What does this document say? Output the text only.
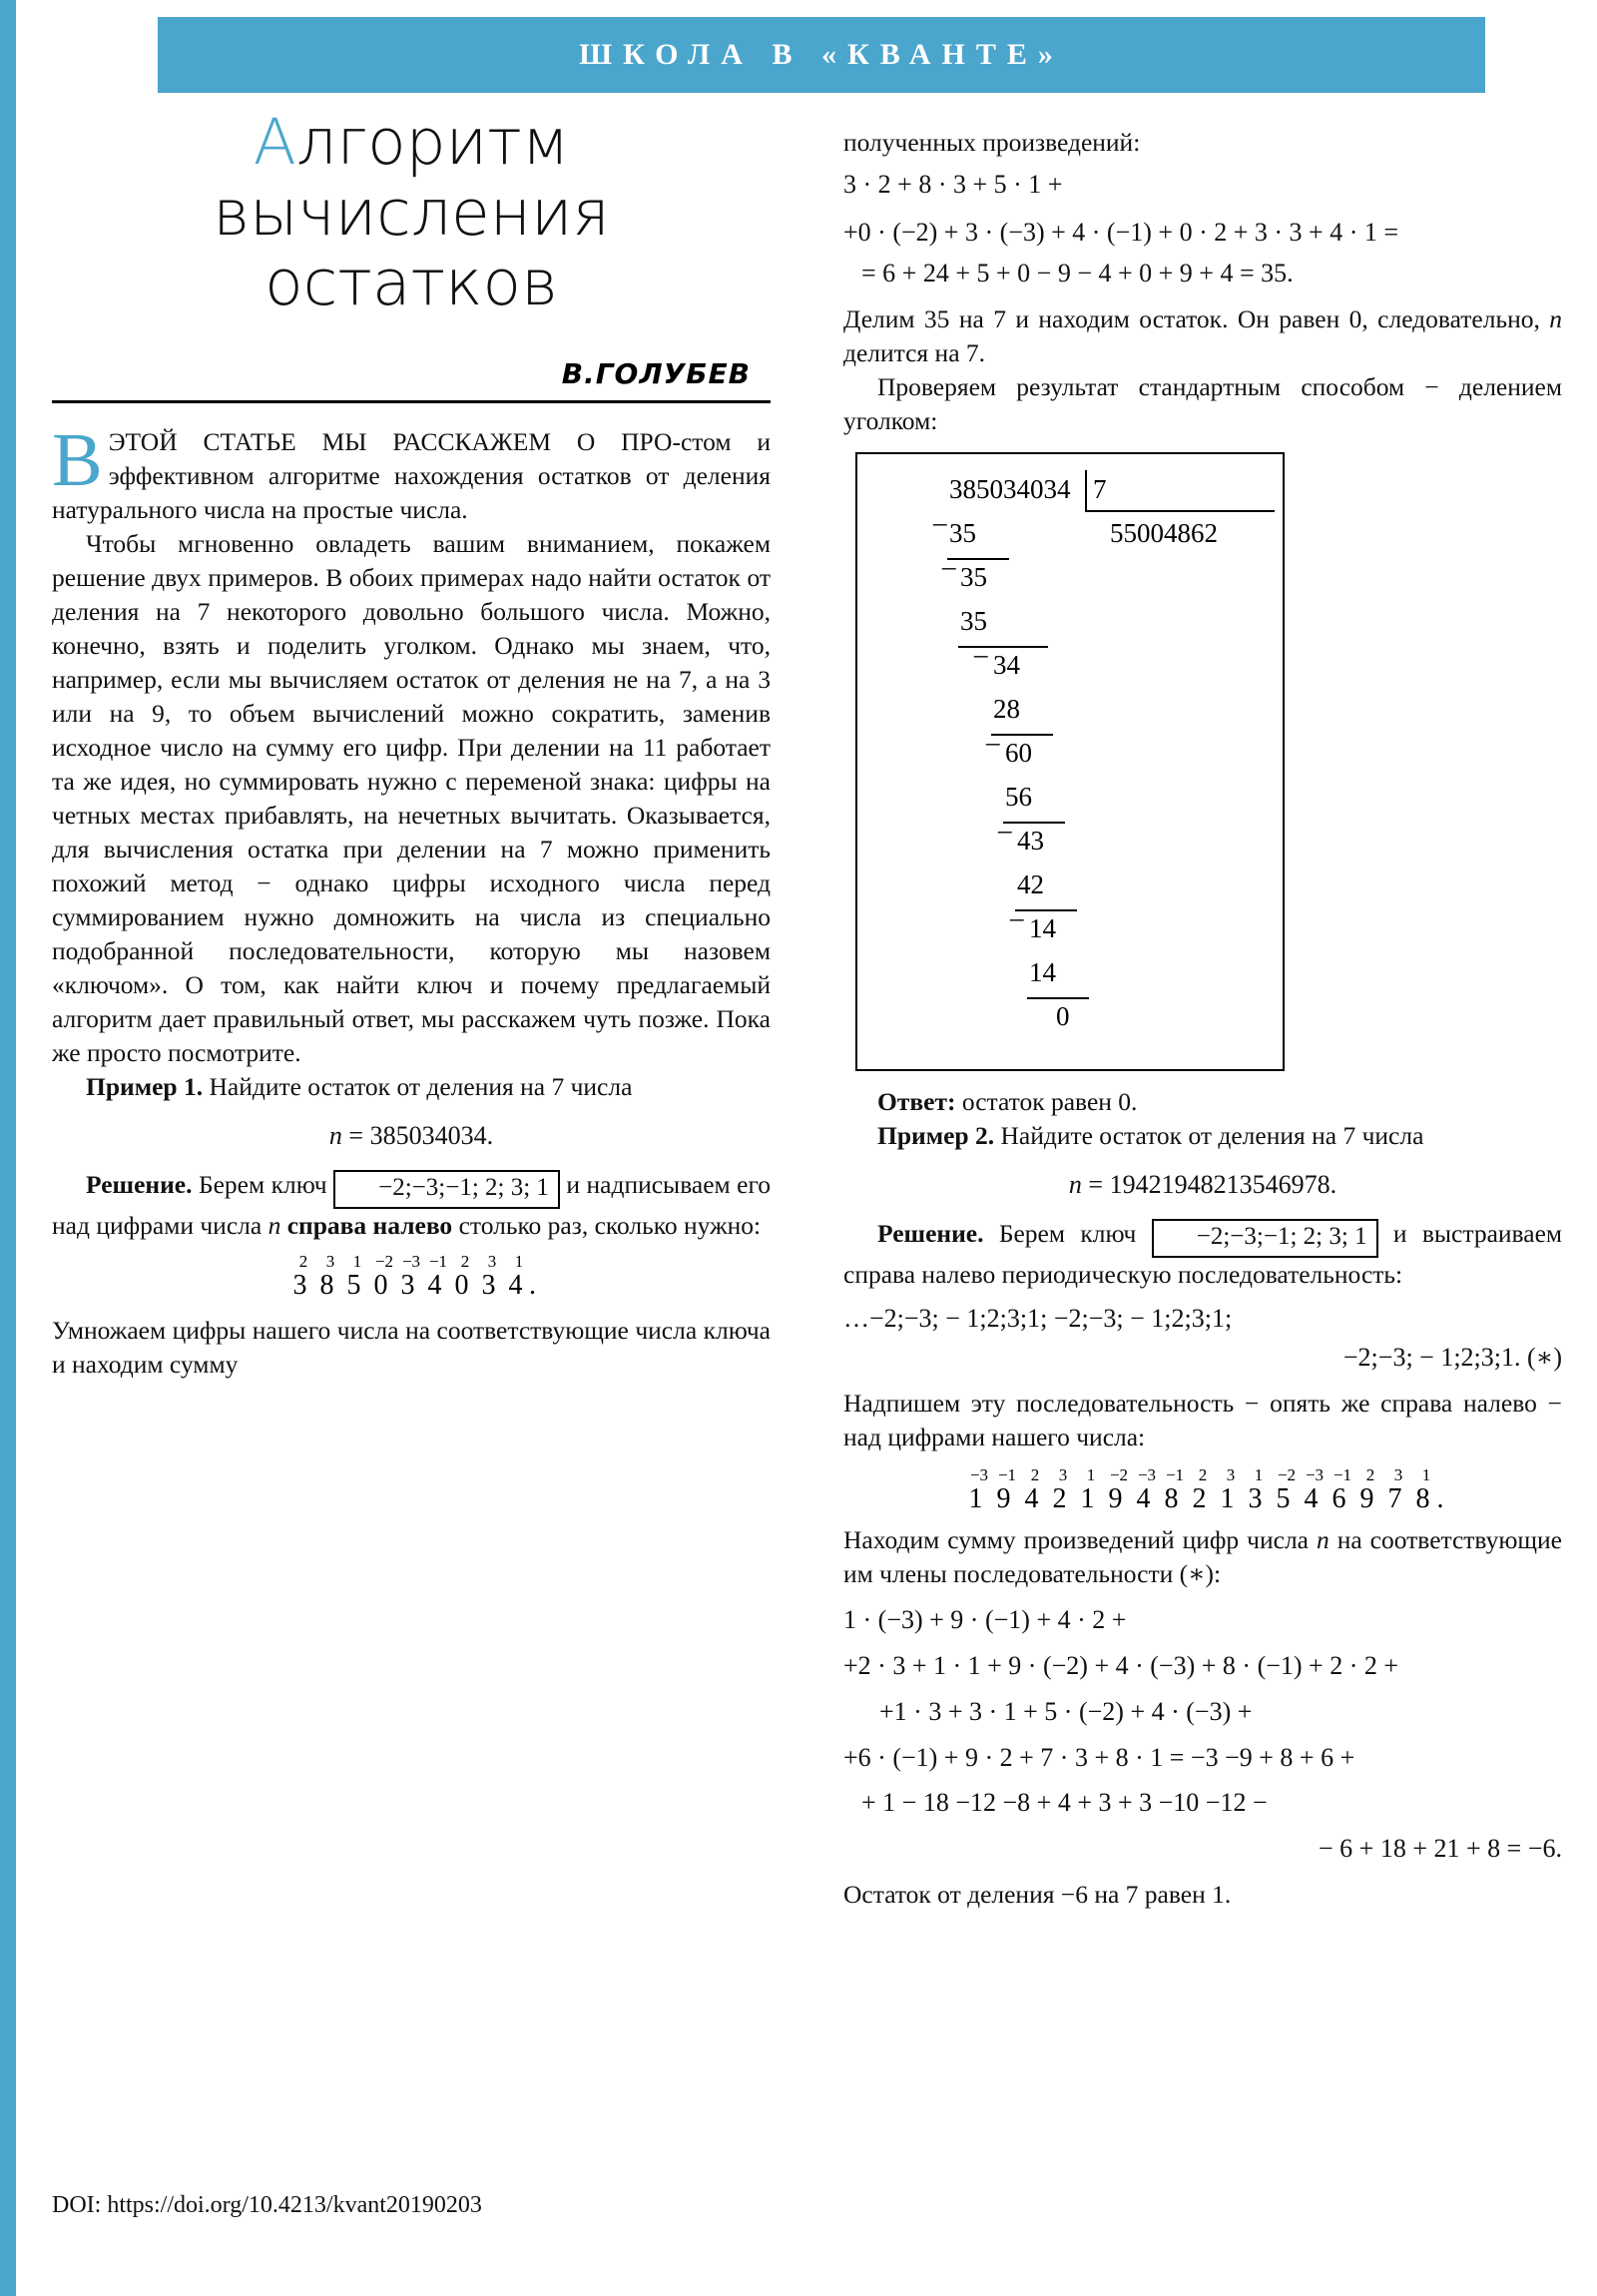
ШКОЛА В «КВАНТЕ»
Алгоритм
вычисления
остатков
В.ГОЛУБЕВ

ВЭТОЙ СТАТЬЕ МЫ РАССКАЖЕМ О ПРО-стом и эффективном алгоритме нахождения остатков от деления натурального числа на простые числа.

Чтобы мгновенно овладеть вашим вниманием, покажем решение двух примеров. В обоих примерах надо найти остаток от деления на 7 некоторого довольно большого числа. Можно, конечно, взять и поделить уголком. Однако мы знаем, что, например, если мы вычисляем остаток от деления не на 7, а на 3 или на 9, то объем вычислений можно сократить, заменив исходное число на сумму его цифр. При делении на 11 работает та же идея, но суммировать нужно с переменой знака: цифры на четных местах прибавлять, на нечетных вычитать. Оказывается, для вычисления остатка при делении на 7 можно применить похожий метод − однако цифры исходного числа перед суммированием нужно домножить на числа из специально подобранной последовательности, которую мы назовем «ключом». О том, как найти ключ и почему предлагаемый алгоритм дает правильный ответ, мы расскажем чуть позже. Пока же просто посмотрите.

Пример 1. Найдите остаток от деления на 7 числа

n = 385034034.

Решение. Берем ключ −2;−3;−1; 2; 3; 1 и надписываем его над цифрами числа n справа налево столько раз, сколько нужно:

2 3 1 −2 −3 −1 2 3 1
3 8 5 0 3 4 0 3 4 .

Умножаем цифры нашего числа на соответствующие числа ключа и находим сумму

полученных произведений:

3 · 2 + 8 · 3 + 5 · 1 +
+0 · (−2) + 3 · (−3) + 4 · (−1) + 0 · 2 + 3 · 3 + 4 · 1 =
= 6 + 24 + 5 + 0 − 9 − 4 + 0 + 9 + 4 = 35.

Делим 35 на 7 и находим остаток. Он равен 0, следовательно, n делится на 7.

Проверяем результат стандартным способом − делением уголком:

385034034 7
55004862
_
35
_
35
35
_
34
28
_
60
56
_
43
42
_
14
14
0

Ответ: остаток равен 0.

Пример 2. Найдите остаток от деления на 7 числа

n = 19421948213546978.

Решение. Берем ключ −2;−3;−1; 2; 3; 1 и выстраиваем справа налево периодическую последовательность:

…−2;−3; − 1;2;3;1; −2;−3; − 1;2;3;1;
−2;−3; − 1;2;3;1. (∗)

Надпишем эту последовательность − опять же справа налево − над цифрами нашего числа:

−3 −1 2 3 1 −2 −3 −1 2 3 1 −2 −3 −1 2 3 1
1 9 4 2 1 9 4 8 2 1 3 5 4 6 9 7 8 .

Находим сумму произведений цифр числа n на соответствующие им члены последовательности (∗):

1 · (−3) + 9 · (−1) + 4 · 2 +
+2 · 3 + 1 · 1 + 9 · (−2) + 4 · (−3) + 8 · (−1) + 2 · 2 +
+1 · 3 + 3 · 1 + 5 · (−2) + 4 · (−3) +
+6 · (−1) + 9 · 2 + 7 · 3 + 8 · 1 = −3 −9 + 8 + 6 +
+ 1 − 18 −12 −8 + 4 + 3 + 3 −10 −12 −
− 6 + 18 + 21 + 8 = −6.

Остаток от деления −6 на 7 равен 1.

DOI: https://doi.org/10.4213/kvant20190203
